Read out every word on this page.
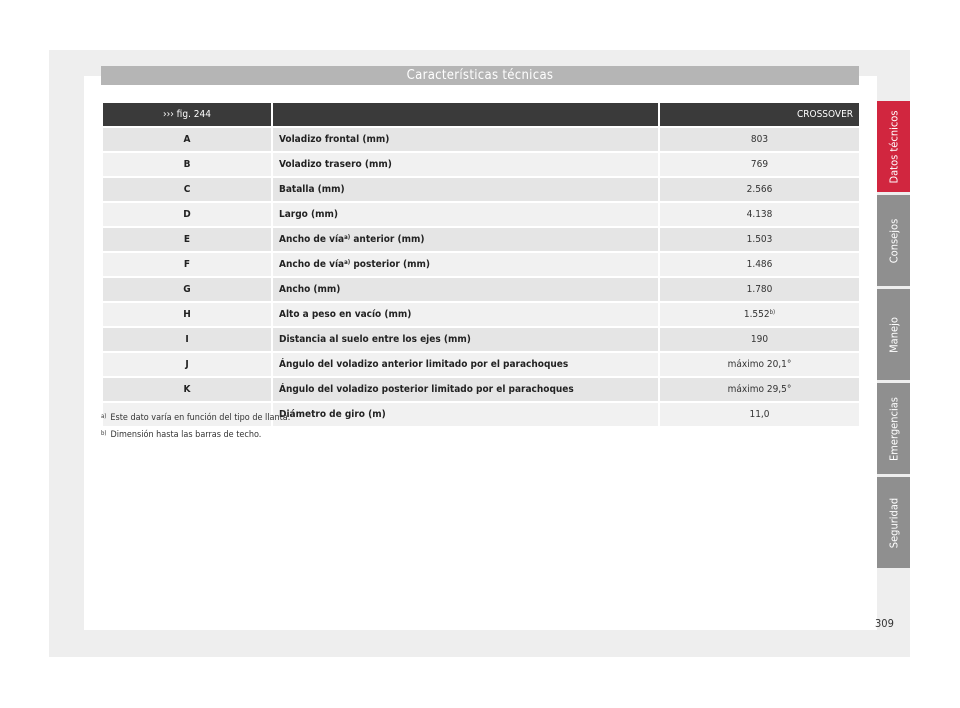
Características técnicas
››› fig. 244		CROSSOVER
A	Voladizo frontal (mm)	803
B	Voladizo trasero (mm)	769
C	Batalla (mm)	2.566
D	Largo (mm)	4.138
E	Ancho de vía$^{a)}$ anterior (mm)	1.503
F	Ancho de vía$^{a)}$ posterior (mm)	1.486
G	Ancho (mm)	1.780
H	Alto a peso en vacío (mm)	1.552$^{b)}$
I	Distancia al suelo entre los ejes (mm)	190
J	Ángulo del voladizo anterior limitado por el parachoques	máximo 20,1°
K	Ángulo del voladizo posterior limitado por el parachoques	máximo 29,5°
	Diámetro de giro (m)	11,0
$^{a)}$ Este dato varía en función del tipo de llanta.
$^{b)}$ Dimensión hasta las barras de techo.
Datos técnicos
Consejos
Manejo
Emergencias
Seguridad
309
